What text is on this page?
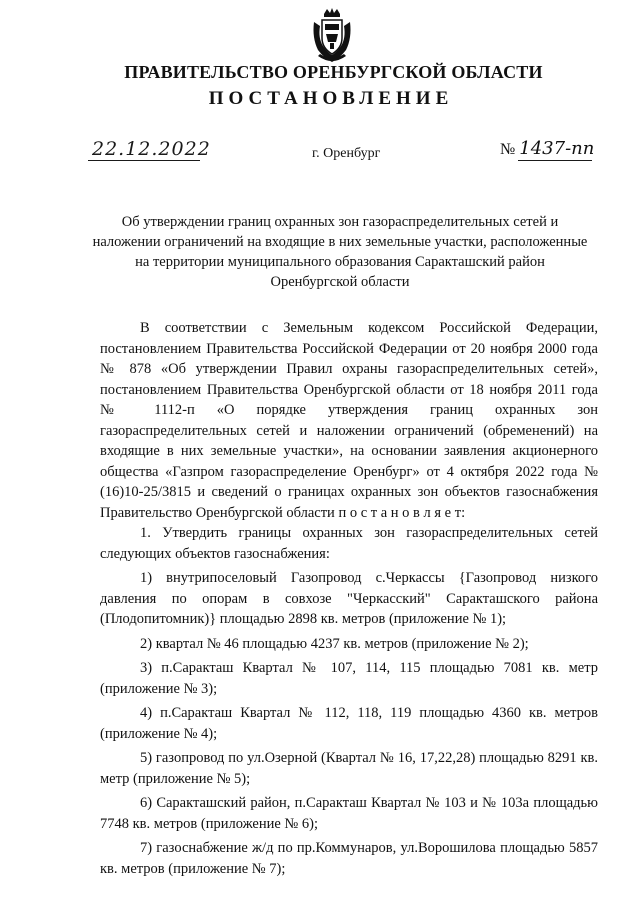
ПРАВИТЕЛЬСТВО ОРЕНБУРГСКОЙ ОБЛАСТИ
ПОСТАНОВЛЕНИЕ
22.12.2022	г. Оренбург	№ 1437-пп
Об утверждении границ охранных зон газораспределительных сетей и наложении ограничений на входящие в них земельные участки, расположенные на территории муниципального образования Саракташский район Оренбургской области

В соответствии с Земельным кодексом Российской Федерации, постановлением Правительства Российской Федерации от 20 ноября 2000 года № 878 «Об утверждении Правил охраны газораспределительных сетей», постановлением Правительства Оренбургской области от 18 ноября 2011 года № 1112-п «О порядке утверждения границ охранных зон газораспределительных сетей и наложении ограничений (обременений) на входящие в них земельные участки», на основании заявления акционерного общества «Газпром газораспределение Оренбург» от 4 октября 2022 года № (16)10-25/3815 и сведений о границах охранных зон объектов газоснабжения Правительство Оренбургской области п о с т а н о в л я е т:

1. Утвердить границы охранных зон газораспределительных сетей следующих объектов газоснабжения:

1) внутрипоселовый Газопровод с.Черкассы {Газопровод низкого давления по опорам в совхозе "Черкасский" Саракташского района (Плодопитомник)} площадью 2898 кв. метров (приложение № 1);

2) квартал № 46 площадью 4237 кв. метров (приложение № 2);

3) п.Саракташ Квартал № 107, 114, 115 площадью 7081 кв. метр (приложение № 3);

4) п.Саракташ Квартал № 112, 118, 119 площадью 4360 кв. метров (приложение № 4);

5) газопровод по ул.Озерной (Квартал № 16, 17,22,28) площадью 8291 кв. метр (приложение № 5);

6) Саракташский район, п.Саракташ Квартал № 103 и № 103а площадью 7748 кв. метров (приложение № 6);

7) газоснабжение ж/д по пр.Коммунаров, ул.Ворошилова площадью 5857 кв. метров (приложение № 7);
